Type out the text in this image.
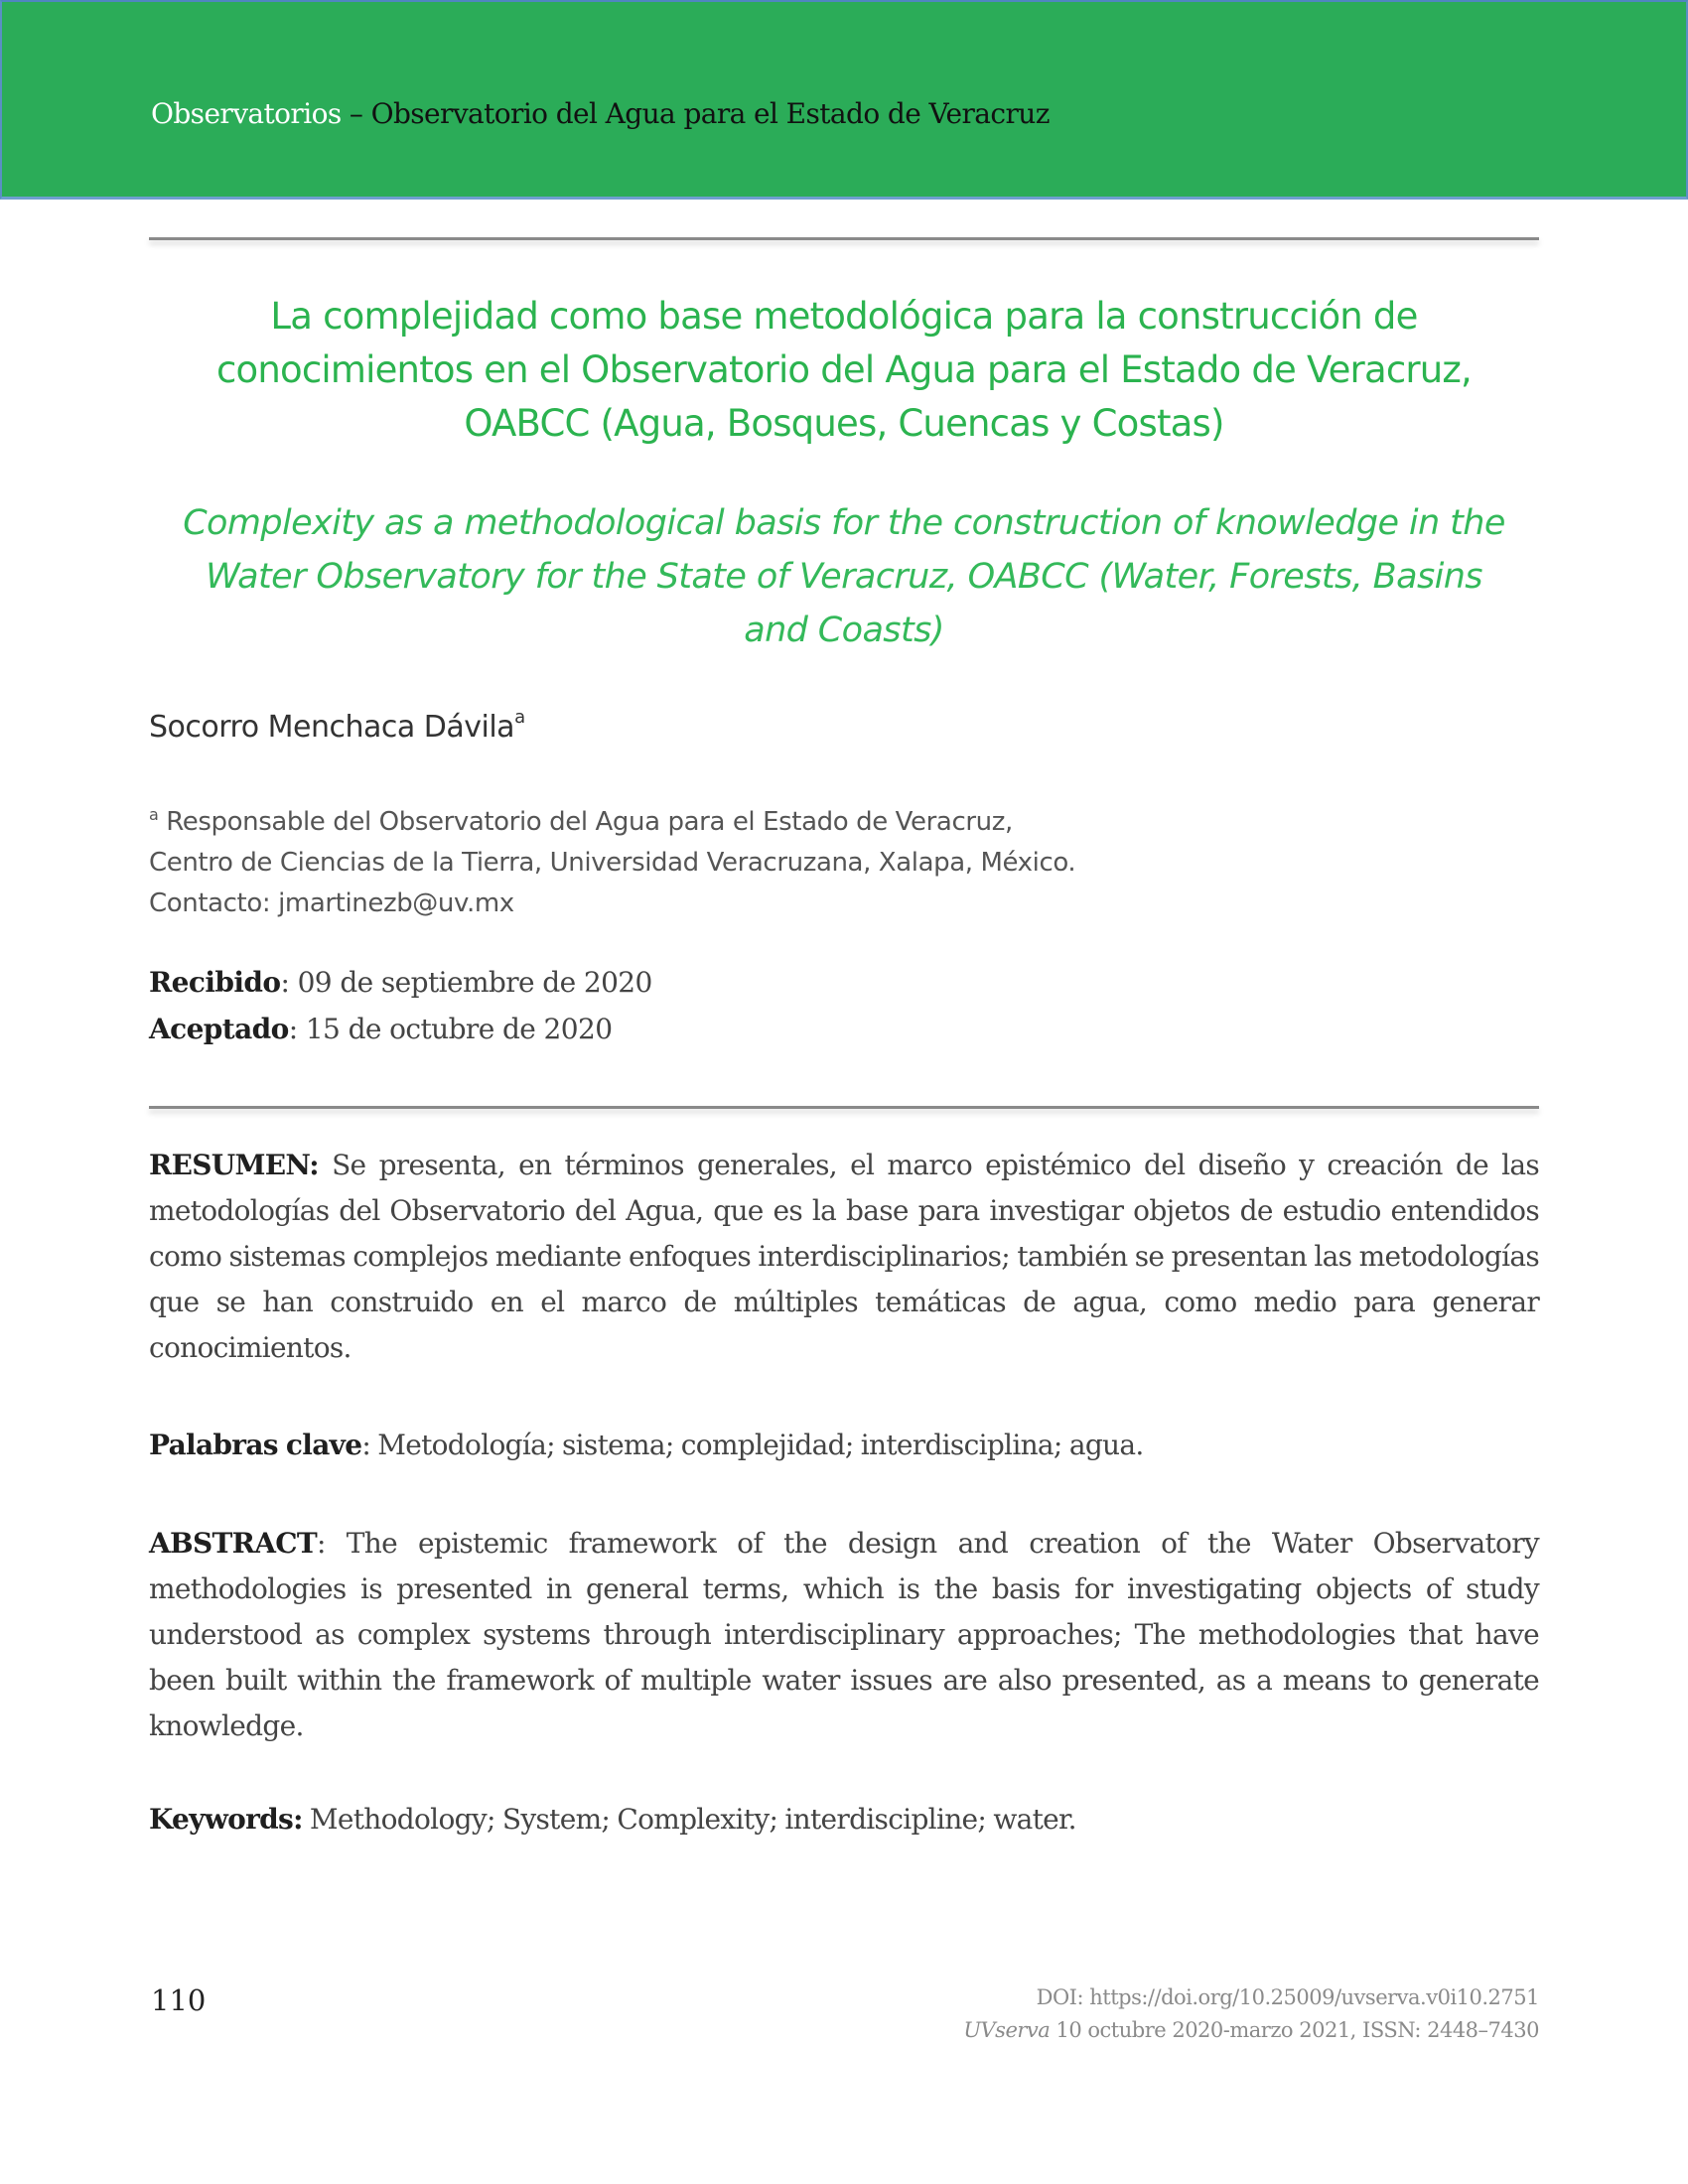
Observatorios – Observatorio del Agua para el Estado de Veracruz
La complejidad como base metodológica para la construcción de
conocimientos en el Observatorio del Agua para el Estado de Veracruz,
OABCC (Agua, Bosques, Cuencas y Costas)
Complexity as a methodological basis for the construction of knowledge in the
Water Observatory for the State of Veracruz, OABCC (Water, Forests, Basins
and Coasts)
Socorro Menchaca Dávila$^a$
$^a$ Responsable del Observatorio del Agua para el Estado de Veracruz,
Centro de Ciencias de la Tierra, Universidad Veracruzana, Xalapa, México.
Contacto: jmartinezb@uv.mx
Recibido: 09 de septiembre de 2020
Aceptado: 15 de octubre de 2020

RESUMEN: Se presenta, en términos generales, el marco epistémico del diseño y creación de las metodologías del Observatorio del Agua, que es la base para investigar objetos de estudio entendidos como sistemas complejos mediante enfoques interdisciplinarios; también se presentan las metodologías que se han construido en el marco de múltiples temáticas de agua, como medio para generar conocimientos.

Palabras clave: Metodología; sistema; complejidad; interdisciplina; agua.

ABSTRACT: The epistemic framework of the design and creation of the Water Observatory methodologies is presented in general terms, which is the basis for investigating objects of study understood as complex systems through interdisciplinary approaches; The methodologies that have been built within the framework of multiple water issues are also presented, as a means to generate knowledge.

Keywords: Methodology; System; Complexity; interdiscipline; water.

110	DOI: https://doi.org/10.25009/uvserva.v0i10.2751
UVserva 10 octubre 2020-marzo 2021, ISSN: 2448–7430
